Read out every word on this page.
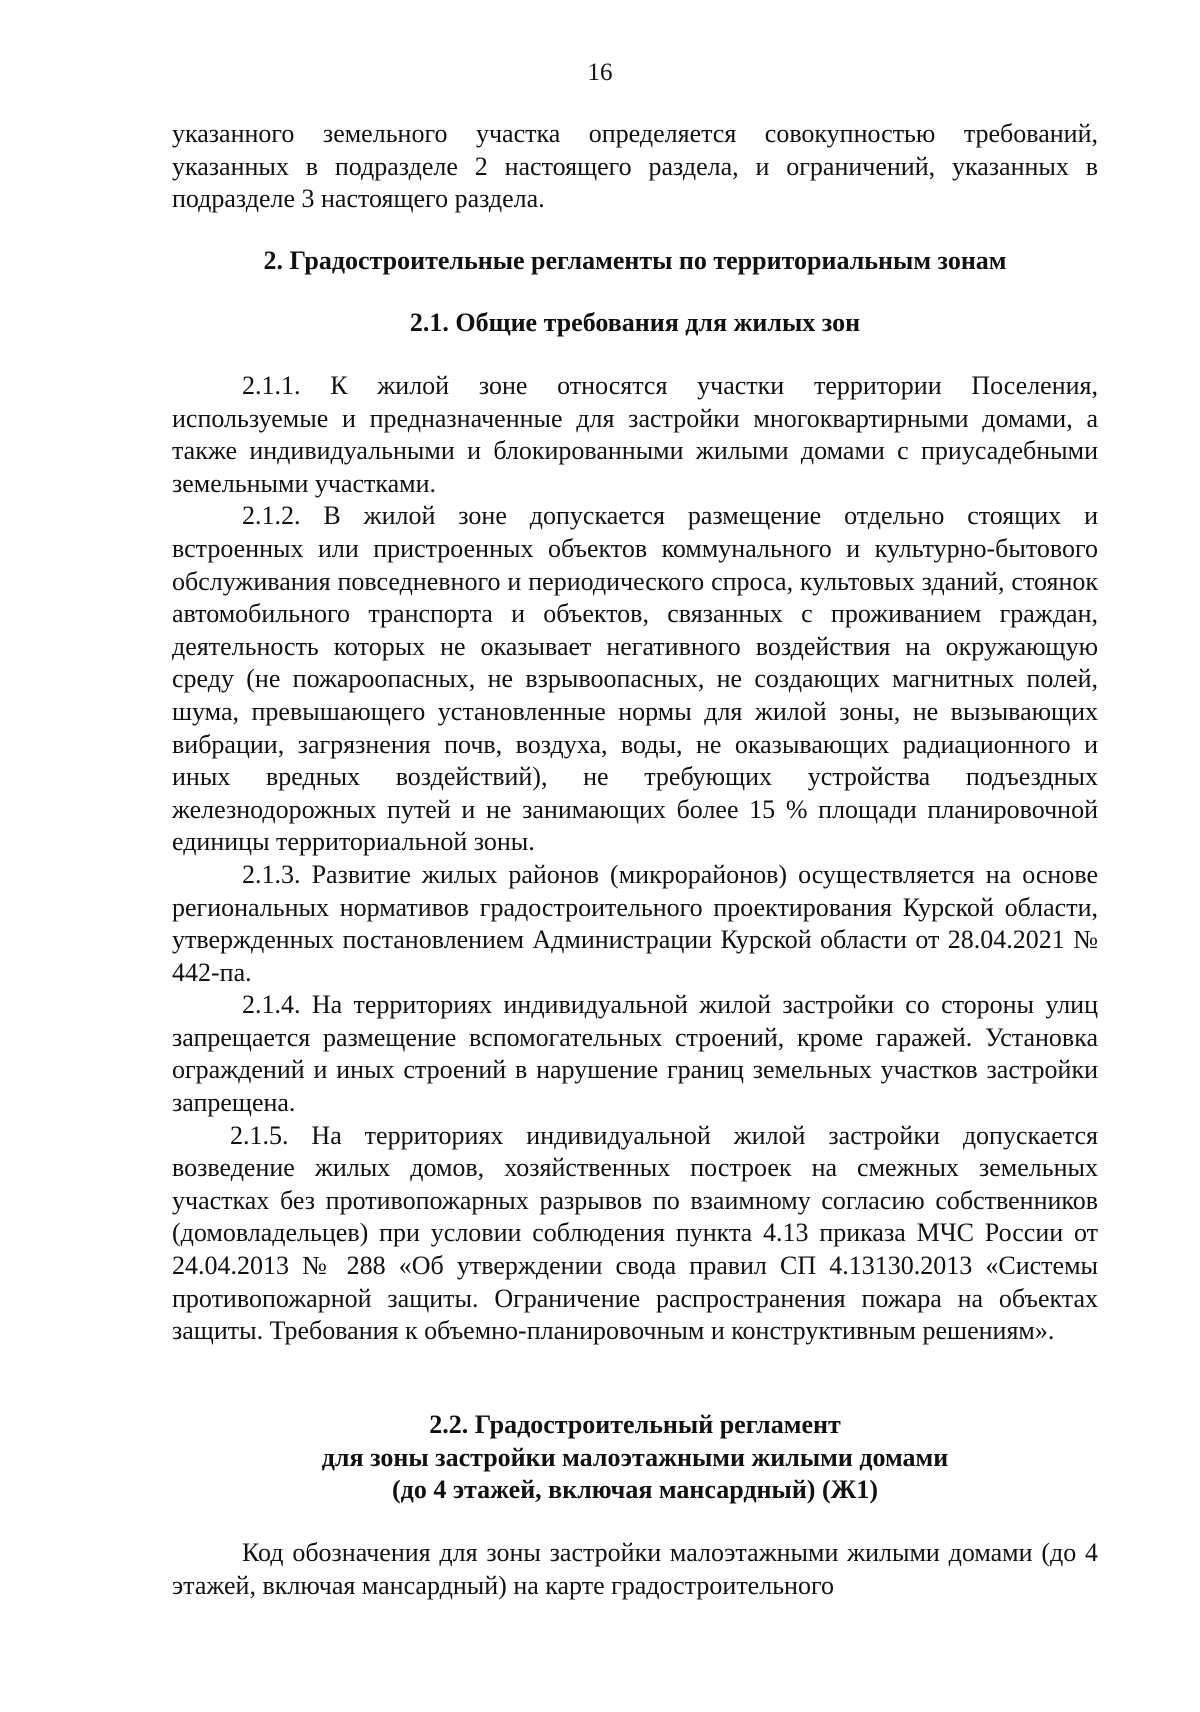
16

указанного земельного участка определяется совокупностью требований, указанных в подразделе 2 настоящего раздела, и ограничений, указанных в подразделе 3 настоящего раздела.

2. Градостроительные регламенты по территориальным зонам
2.1. Общие требования для жилых зон

2.1.1. К жилой зоне относятся участки территории Поселения, используемые и предназначенные для застройки многоквартирными домами, а также индивидуальными и блокированными жилыми домами с приусадебными земельными участками.

2.1.2. В жилой зоне допускается размещение отдельно стоящих и встроенных или пристроенных объектов коммунального и культурно-бытового обслуживания повседневного и периодического спроса, культовых зданий, стоянок автомобильного транспорта и объектов, связанных с проживанием граждан, деятельность которых не оказывает негативного воздействия на окружающую среду (не пожароопасных, не взрывоопасных, не создающих магнитных полей, шума, превышающего установленные нормы для жилой зоны, не вызывающих вибрации, загрязнения почв, воздуха, воды, не оказывающих радиационного и иных вредных воздействий), не требующих устройства подъездных железнодорожных путей и не занимающих более 15 % площади планировочной единицы территориальной зоны.

2.1.3. Развитие жилых районов (микрорайонов) осуществляется на основе региональных нормативов градостроительного проектирования Курской области, утвержденных постановлением Администрации Курской области от 28.04.2021 № 442-па.

2.1.4. На территориях индивидуальной жилой застройки со стороны улиц запрещается размещение вспомогательных строений, кроме гаражей. Установка ограждений и иных строений в нарушение границ земельных участков застройки запрещена.

2.1.5. На территориях индивидуальной жилой застройки допускается возведение жилых домов, хозяйственных построек на смежных земельных участках без противопожарных разрывов по взаимному согласию собственников (домовладельцев) при условии соблюдения пункта 4.13 приказа МЧС России от 24.04.2013 № 288 «Об утверждении свода правил СП 4.13130.2013 «Системы противопожарной защиты. Ограничение распространения пожара на объектах защиты. Требования к объемно-планировочным и конструктивным решениям».

2.2. Градостроительный регламент
для зоны застройки малоэтажными жилыми домами
(до 4 этажей, включая мансардный) (Ж1)

Код обозначения для зоны застройки малоэтажными жилыми домами (до 4 этажей, включая мансардный) на карте градостроительного
